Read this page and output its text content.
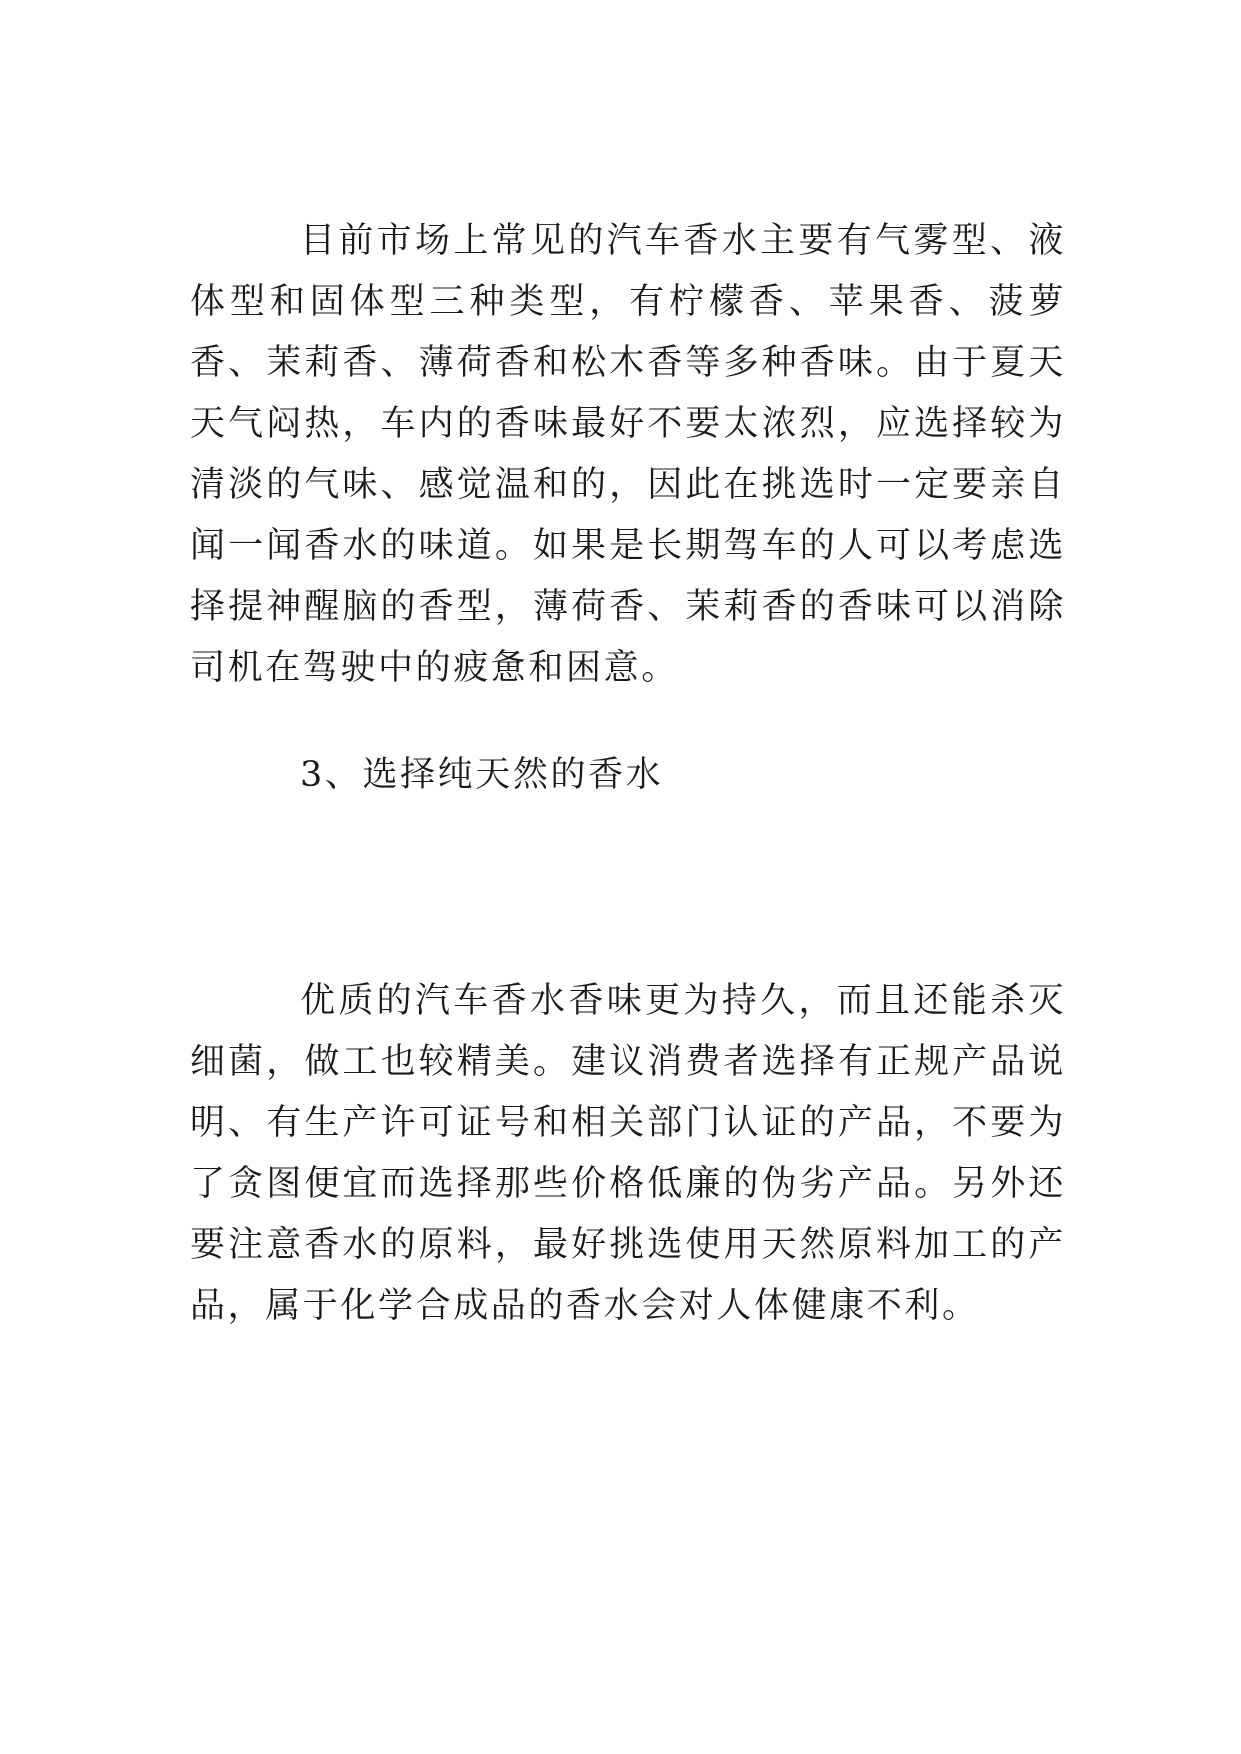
目前市场上常见的汽车香水主要有气雾型、液体型和固体型三种类型，有柠檬香、苹果香、菠萝香、茉莉香、薄荷香和松木香等多种香味。由于夏天天气闷热，车内的香味最好不要太浓烈，应选择较为清淡的气味、感觉温和的，因此在挑选时一定要亲自闻一闻香水的味道。如果是长期驾车的人可以考虑选择提神醒脑的香型，薄荷香、茉莉香的香味可以消除司机在驾驶中的疲惫和困意。

3、选择纯天然的香水

优质的汽车香水香味更为持久，而且还能杀灭细菌，做工也较精美。建议消费者选择有正规产品说明、有生产许可证号和相关部门认证的产品，不要为了贪图便宜而选择那些价格低廉的伪劣产品。另外还要注意香水的原料，最好挑选使用天然原料加工的产品，属于化学合成品的香水会对人体健康不利。
